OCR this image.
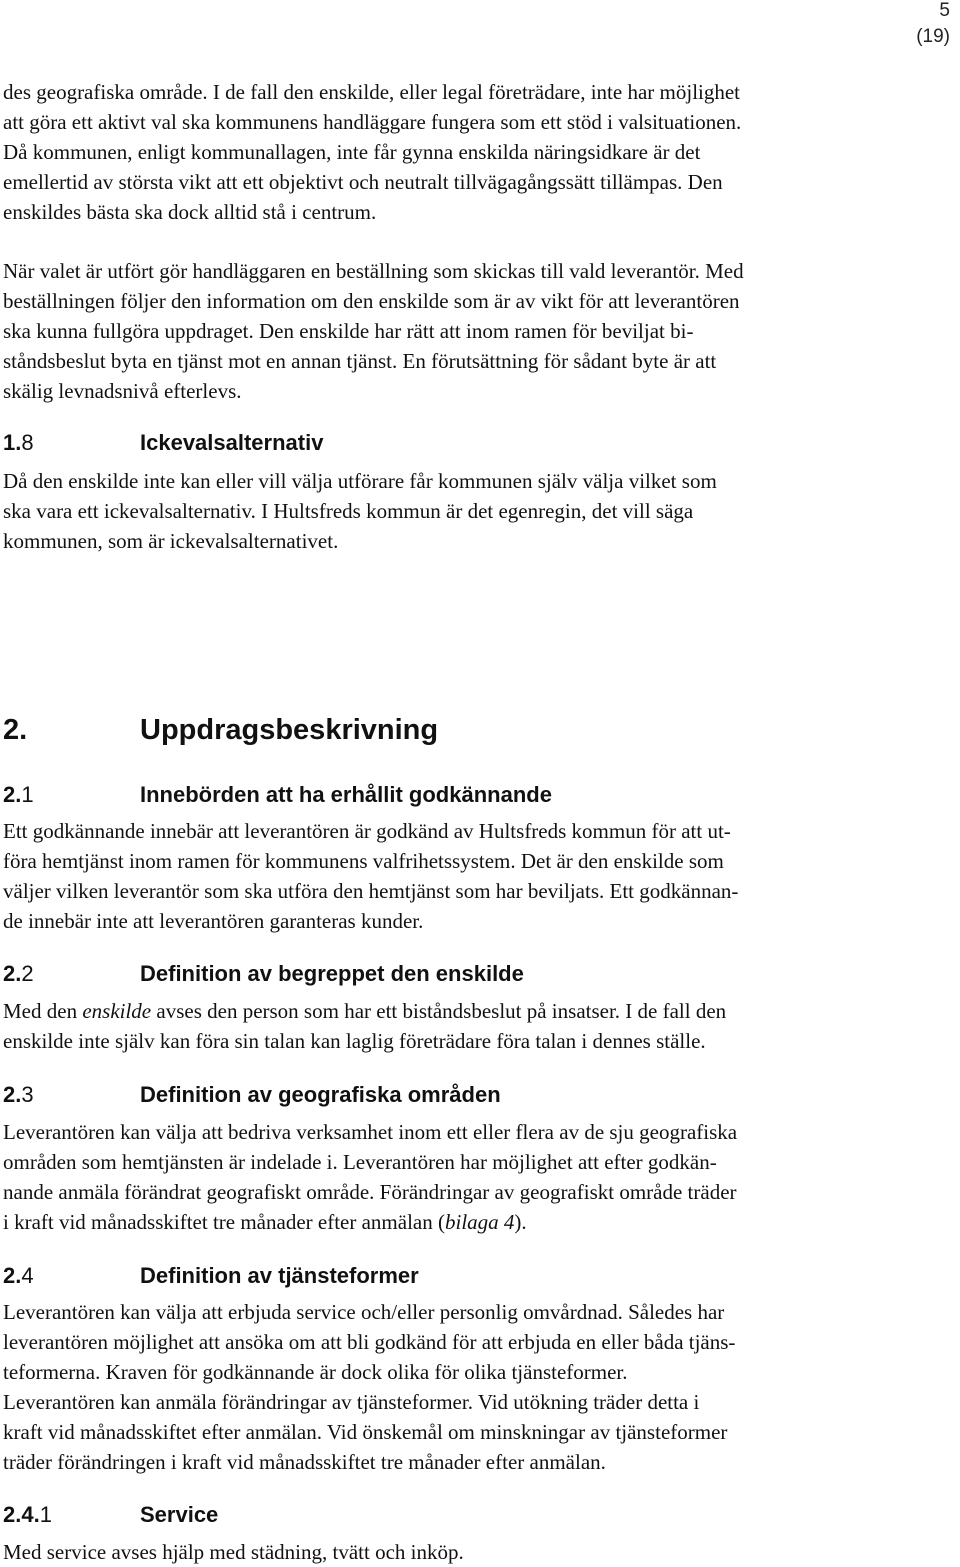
5
(19)

des geografiska område. I de fall den enskilde, eller legal företrädare, inte har möjlighet
att göra ett aktivt val ska kommunens handläggare fungera som ett stöd i valsituationen.
Då kommunen, enligt kommunallagen, inte får gynna enskilda näringsidkare är det
emellertid av största vikt att ett objektivt och neutralt tillvägagångssätt tillämpas. Den
enskildes bästa ska dock alltid stå i centrum.

När valet är utfört gör handläggaren en beställning som skickas till vald leverantör. Med
beställningen följer den information om den enskilde som är av vikt för att leverantören
ska kunna fullgöra uppdraget. Den enskilde har rätt att inom ramen för beviljat bi-
ståndsbeslut byta en tjänst mot en annan tjänst. En förutsättning för sådant byte är att
skälig levnadsnivå efterlevs.

1.8	Ickevalsalternativ

Då den enskilde inte kan eller vill välja utförare får kommunen själv välja vilket som
ska vara ett ickevalsalternativ. I Hultsfreds kommun är det egenregin, det vill säga
kommunen, som är ickevalsalternativet.

2.	Uppdragsbeskrivning
2.1	Innebörden att ha erhållit godkännande

Ett godkännande innebär att leverantören är godkänd av Hultsfreds kommun för att ut-
föra hemtjänst inom ramen för kommunens valfrihetssystem. Det är den enskilde som
väljer vilken leverantör som ska utföra den hemtjänst som har beviljats. Ett godkännan-
de innebär inte att leverantören garanteras kunder.

2.2	Definition av begreppet den enskilde

Med den enskilde avses den person som har ett biståndsbeslut på insatser. I de fall den
enskilde inte själv kan föra sin talan kan laglig företrädare föra talan i dennes ställe.

2.3	Definition av geografiska områden

Leverantören kan välja att bedriva verksamhet inom ett eller flera av de sju geografiska
områden som hemtjänsten är indelade i. Leverantören har möjlighet att efter godkän-
nande anmäla förändrat geografiskt område. Förändringar av geografiskt område träder
i kraft vid månadsskiftet tre månader efter anmälan (bilaga 4).

2.4	Definition av tjänsteformer

Leverantören kan välja att erbjuda service och/eller personlig omvårdnad. Således har
leverantören möjlighet att ansöka om att bli godkänd för att erbjuda en eller båda tjäns-
teformerna. Kraven för godkännande är dock olika för olika tjänsteformer.
Leverantören kan anmäla förändringar av tjänsteformer. Vid utökning träder detta i
kraft vid månadsskiftet efter anmälan. Vid önskemål om minskningar av tjänsteformer
träder förändringen i kraft vid månadsskiftet tre månader efter anmälan.

2.4.1	Service

Med service avses hjälp med städning, tvätt och inköp.
